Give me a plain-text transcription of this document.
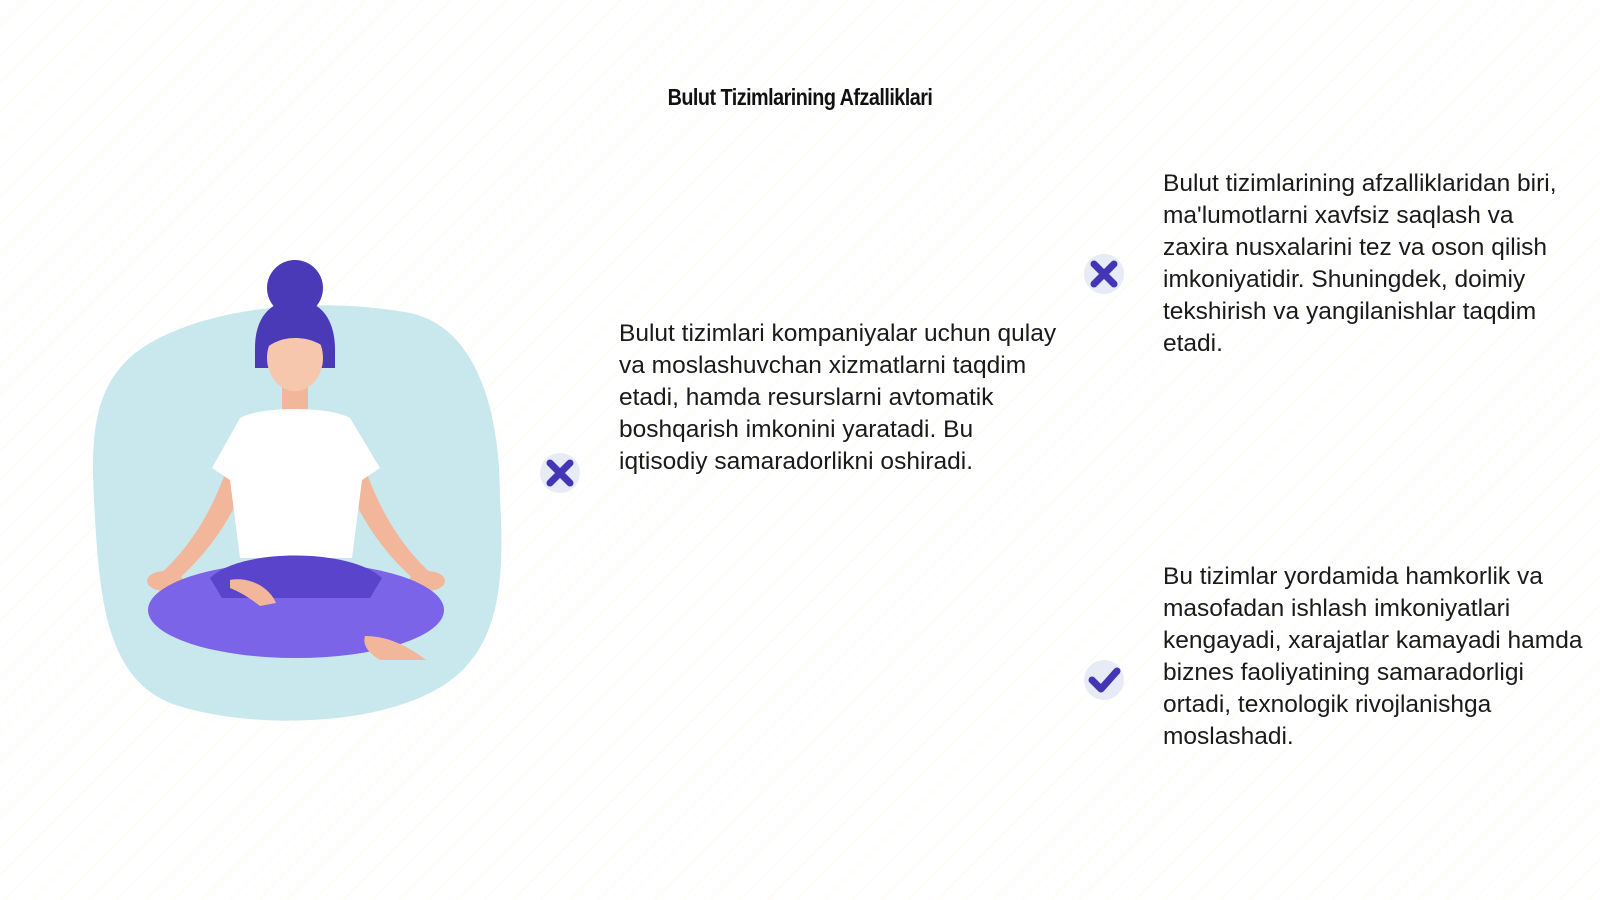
Bulut Tizimlarining Afzalliklari
Bulut tizimlari kompaniyalar uchun qulay va moslashuvchan xizmatlarni taqdim etadi, hamda resurslarni avtomatik boshqarish imkonini yaratadi. Bu iqtisodiy samaradorlikni oshiradi.
Bulut tizimlarining afzalliklaridan biri, ma'lumotlarni xavfsiz saqlash va zaxira nusxalarini tez va oson qilish imkoniyatidir. Shuningdek, doimiy tekshirish va yangilanishlar taqdim etadi.
Bu tizimlar yordamida hamkorlik va masofadan ishlash imkoniyatlari kengayadi, xarajatlar kamayadi hamda biznes faoliyatining samaradorligi ortadi, texnologik rivojlanishga moslashadi.
